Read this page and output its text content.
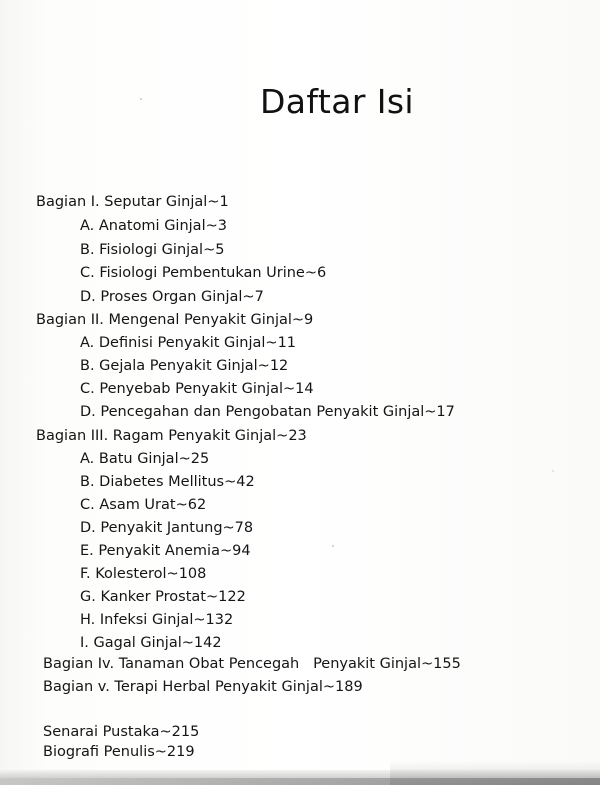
Daftar Isi
Bagian I. Seputar Ginjal~1
A. Anatomi Ginjal~3
B. Fisiologi Ginjal~5
C. Fisiologi Pembentukan Urine~6
D. Proses Organ Ginjal~7
Bagian II. Mengenal Penyakit Ginjal~9
A. Definisi Penyakit Ginjal~11
B. Gejala Penyakit Ginjal~12
C. Penyebab Penyakit Ginjal~14
D. Pencegahan dan Pengobatan Penyakit Ginjal~17
Bagian III. Ragam Penyakit Ginjal~23
A. Batu Ginjal~25
B. Diabetes Mellitus~42
C. Asam Urat~62
D. Penyakit Jantung~78
E. Penyakit Anemia~94
F. Kolesterol~108
G. Kanker Prostat~122
H. Infeksi Ginjal~132
I. Gagal Ginjal~142
Bagian Iv. Tanaman Obat Pencegah   Penyakit Ginjal~155
Bagian v. Terapi Herbal Penyakit Ginjal~189
Senarai Pustaka~215
Biografi Penulis~219
